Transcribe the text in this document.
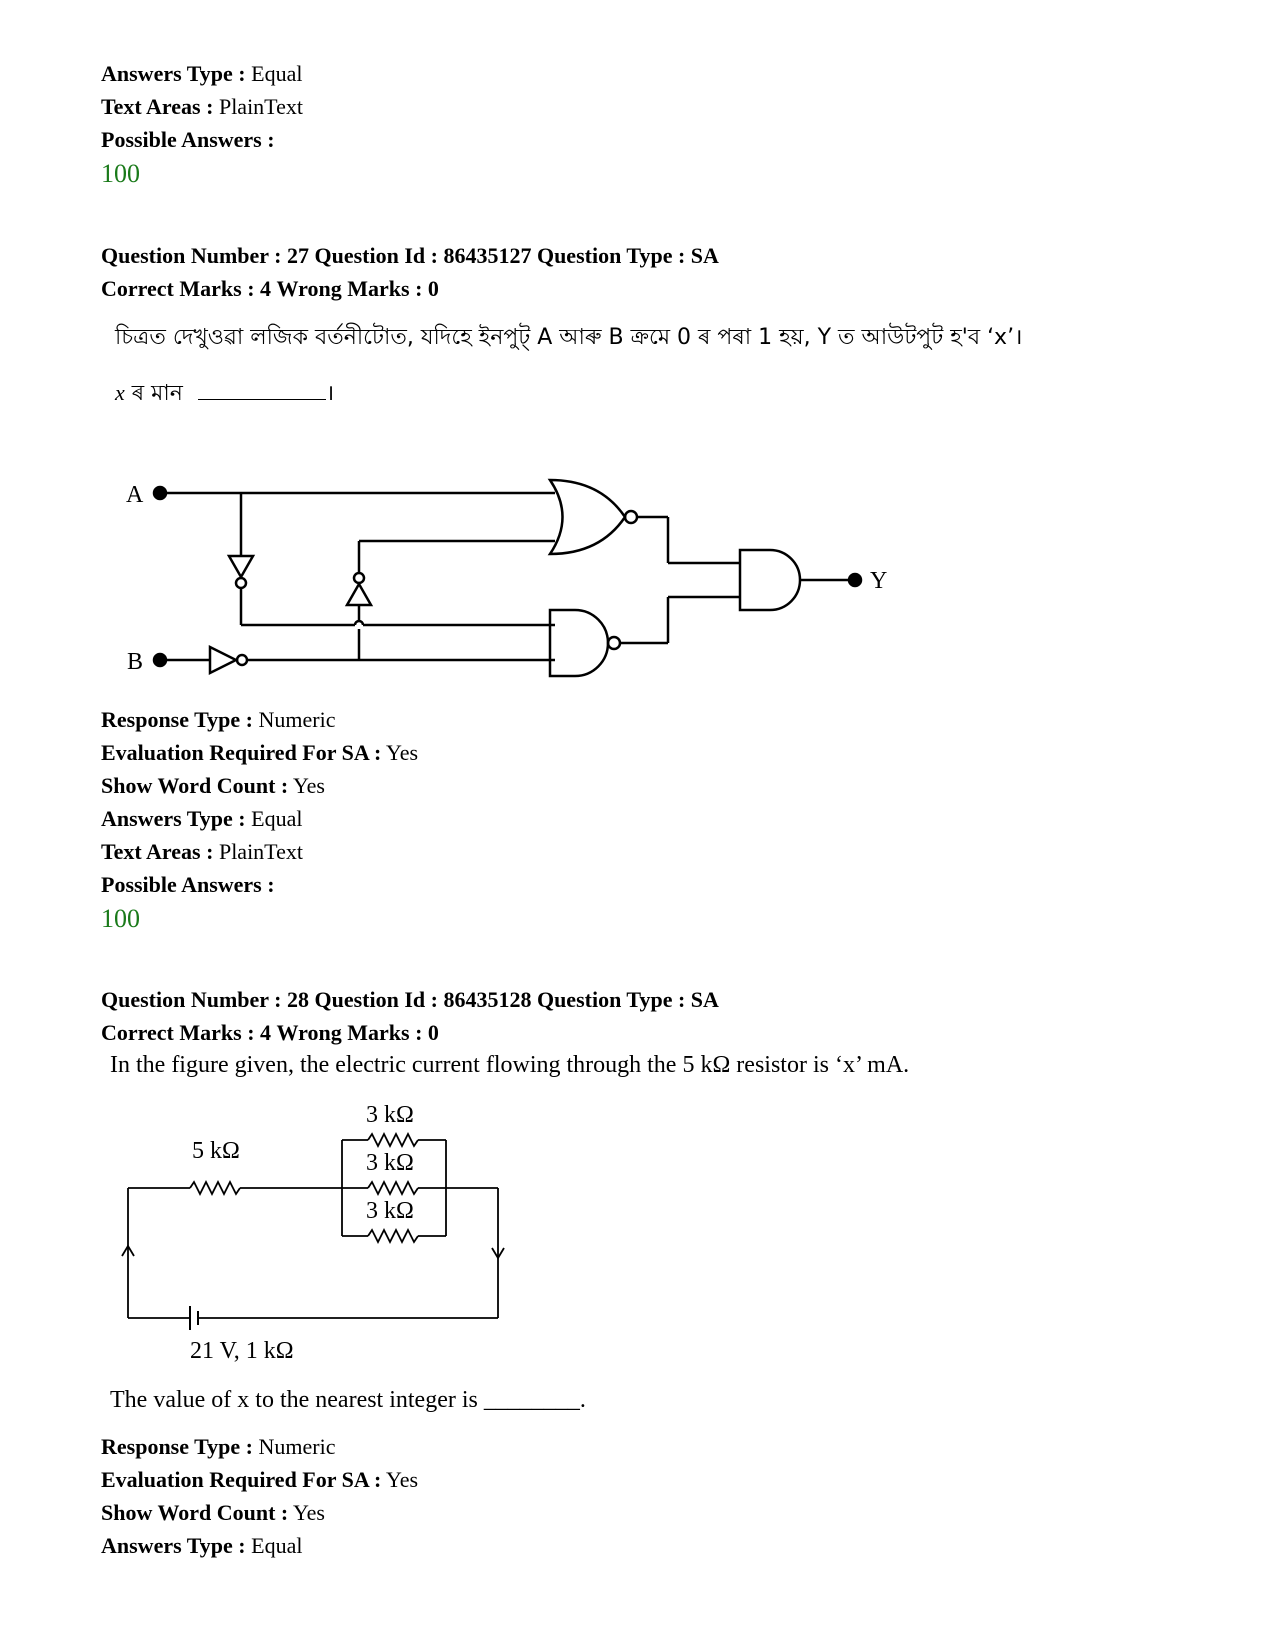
Answers Type : Equal
Text Areas : PlainText
Possible Answers :
100
Question Number : 27 Question Id : 86435127 Question Type : SA
Correct Marks : 4 Wrong Marks : 0
চিত্ৰত দেখুওৱা লজিক বৰ্তনীটোত, যদিহে ইনপুট্ A আৰু B ক্ৰমে 0 ৰ পৰা 1 হয়, Y ত আউটপুট হ'ব ‘x’।
x ৰ মান	।
A
B
Y
Response Type : Numeric
Evaluation Required For SA : Yes
Show Word Count : Yes
Answers Type : Equal
Text Areas : PlainText
Possible Answers :
100
Question Number : 28 Question Id : 86435128 Question Type : SA
Correct Marks : 4 Wrong Marks : 0
In the figure given, the electric current flowing through the 5 kΩ resistor is ‘x’ mA.
5 kΩ
3 kΩ
3 kΩ
3 kΩ
21 V, 1 kΩ
The value of x to the nearest integer is ________.
Response Type : Numeric
Evaluation Required For SA : Yes
Show Word Count : Yes
Answers Type : Equal
